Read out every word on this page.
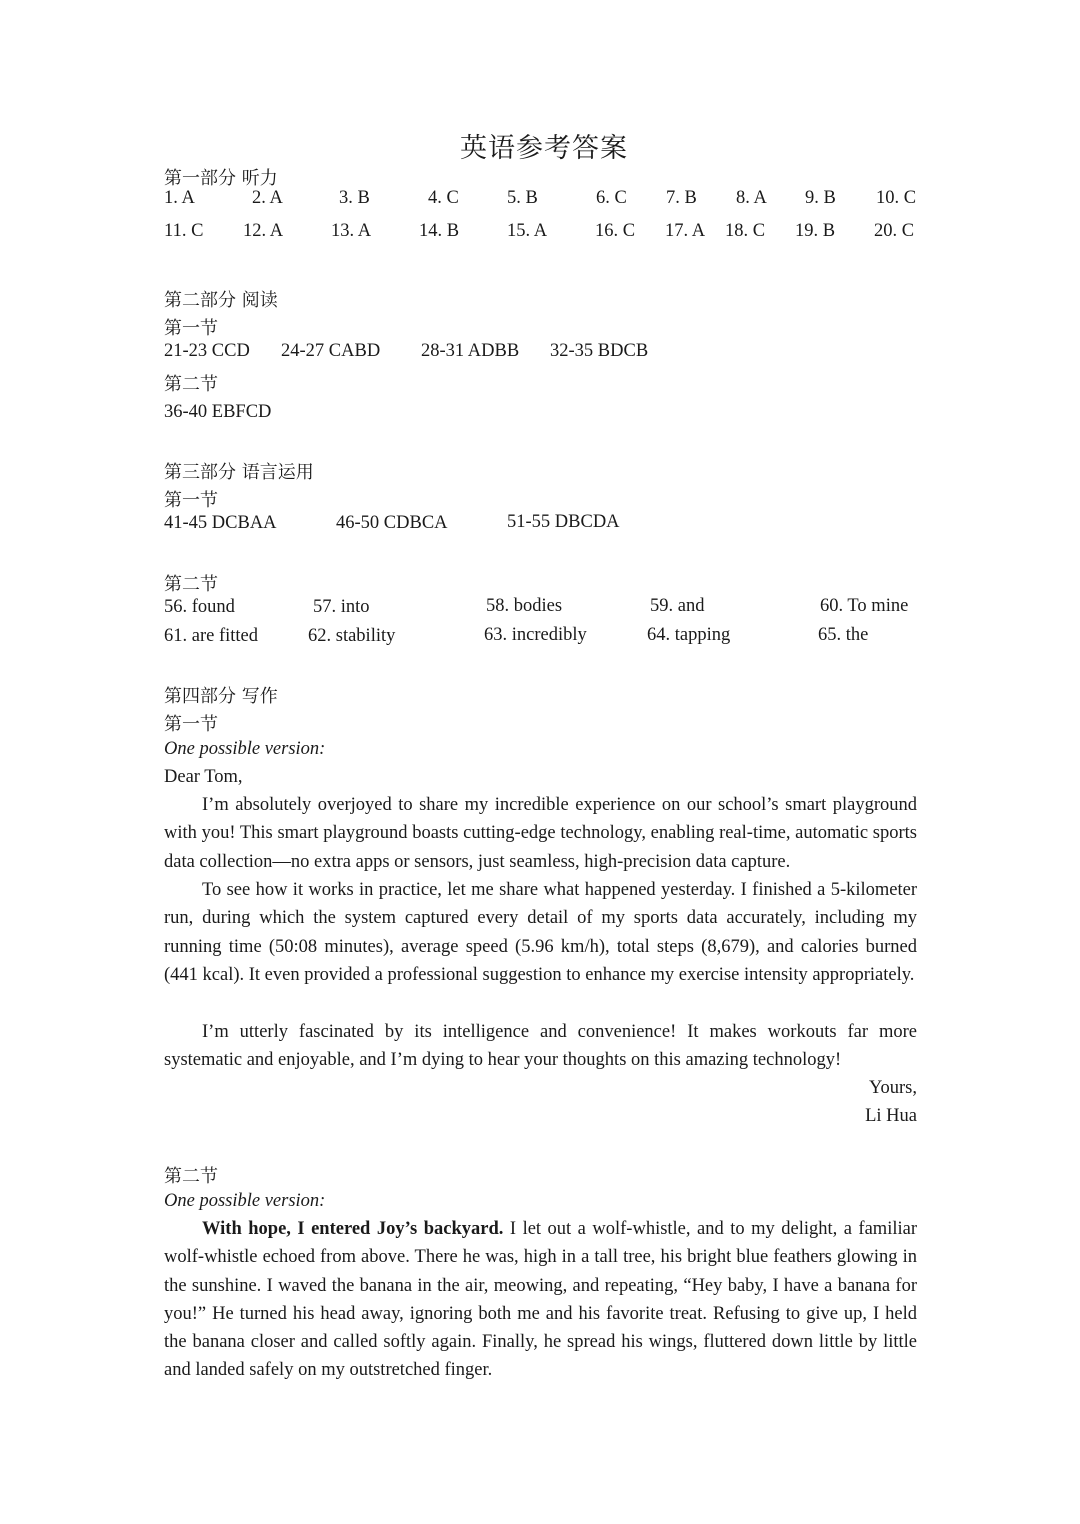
英语参考答案
第一部分 听力
1. A	2. A	3. B	4. C	5. B	6. C 7. B 8. A 9. B 10. C
11. C 12. A	13. A	14. B	15. A	16. C 17. A 18. C 19. B 20. C
第二部分 阅读
第一节
21-23 CCD 24-27 CABD 28-31 ADBB 32-35 BDCB
第二节
36-40 EBFCD
第三部分 语言运用
第一节
41-45 DCBAA	46-50 CDBCA	51-55 DBCDA
第二节
56. found	57. into	58. bodies	59. and	60. To mine
61. are fitted	62. stability	63. incredibly	64. tapping	65. the
第四部分 写作
第一节
One possible version:
Dear Tom,
I’m absolutely overjoyed to share my incredible experience on our school’s smart playground with you! This smart playground boasts cutting-edge technology, enabling real-time, automatic sports data collection—no extra apps or sensors, just seamless, high-precision data capture.
To see how it works in practice, let me share what happened yesterday. I finished a 5-kilometer run, during which the system captured every detail of my sports data accurately, including my running time (50:08 minutes), average speed (5.96 km/h), total steps (8,679), and calories burned (441 kcal). It even provided a professional suggestion to enhance my exercise intensity appropriately.
I’m utterly fascinated by its intelligence and convenience! It makes workouts far more systematic and enjoyable, and I’m dying to hear your thoughts on this amazing technology!
Yours,
Li Hua
第二节
One possible version:
With hope, I entered Joy’s backyard. I let out a wolf-whistle, and to my delight, a familiar wolf-whistle echoed from above. There he was, high in a tall tree, his bright blue feathers glowing in the sunshine. I waved the banana in the air, meowing, and repeating, “Hey baby, I have a banana for you!” He turned his head away, ignoring both me and his favorite treat. Refusing to give up, I held the banana closer and called softly again. Finally, he spread his wings, fluttered down little by little and landed safely on my outstretched finger.
